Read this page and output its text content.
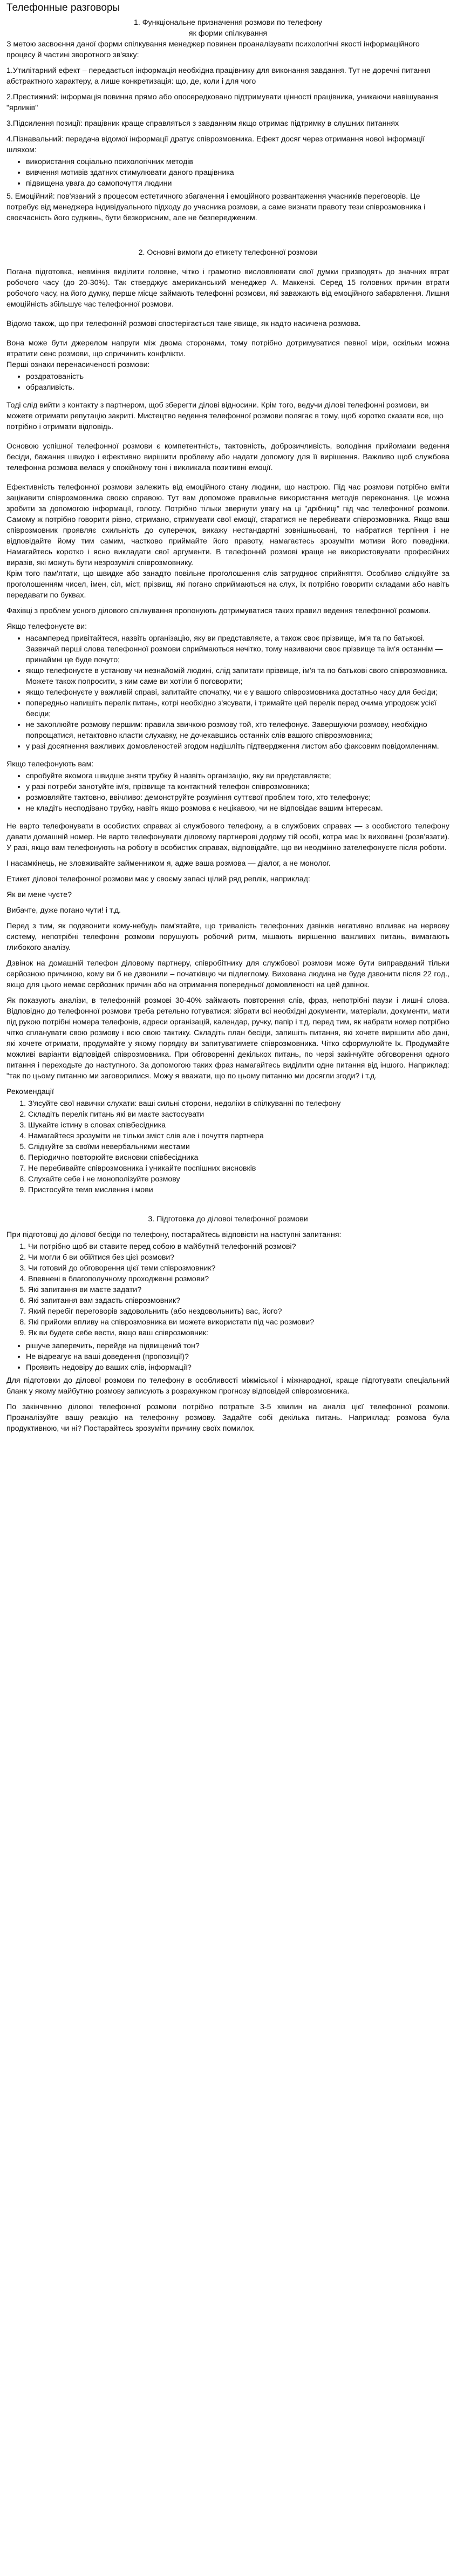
Телефонные разговоры

1. Функціональне призначення розмови по телефону

як форми спілкування

З метою засвоєння даної форми спілкування менеджер повинен проаналізувати психологічні якості інформаційного процесу й частині зворотного зв'язку:

1.Утилітарний ефект – передається інформація необхідна працівнику для виконання завдання. Тут не доречні питання абстрактного характеру, а лише конкретизація: що, де, коли і для чого

2.Престижний: інформація повинна прямо або опосередковано підтримувати цінності працівника, уникаючи навішування "ярликів"

3.Підсилення позиції: працівник краще справляться з завданням якщо отримає підтримку в слушних питаннях

4.Пізнавальний: передача відомої інформації дратує співрозмовника. Ефект досяг через отримання нової інформації шляхом:

• використання соціально психологічних методів
• вивчення мотивів здатних стимулювати даного працівника
• підвищена увага до самопочуття людини

5. Емоційний: пов'язаний з процесом естетичного збагачення і емоційного розвантаження учасників переговорів. Це потребує від менеджера індивідуального підходу до учасника розмови, а саме визнати правоту тези співрозмовника і своєчасність його суджень, бути безкорисним, але не безпередженим.

2. Основні вимоги до етикету телефонної розмови

Погана підготовка, невміння виділити головне, чітко і грамотно висловлювати свої думки призводять до значних втрат робочого часу (до 20-30%). Так стверджує американський менеджер А. Маккензі. Серед 15 головних причин втрати робочого часу, на його думку, перше місце займають телефонні розмови, які заважають від емоційного забарвлення. Лишня емоційність збільшує час телефонної розмови.

Відомо також, що при телефонній розмові спостерігається таке явище, як надто насичена розмова.

Вона може бути джерелом напруги між двома сторонами, тому потрібно дотримуватися певної міри, оскільки можна втратити сенс розмови, що спричинить конфлікти.

Перші ознаки перенасиченості розмови:

• роздратованість
• образливість.

Тоді слід вийти з контакту з партнером, щоб зберегти ділові відносини. Крім того, ведучи ділові телефонні розмови, ви можете отримати репутацію закриті. Мистецтво ведення телефонної розмови полягає в тому, щоб коротко сказати все, що потрібно і отримати відповідь.

Основою успішної телефонної розмови є компетентність, тактовність, доброзичливість, володіння прийомами ведення бесіди, бажання швидко і ефективно вирішити проблему або надати допомогу для її вирішення. Важливо щоб службова телефонна розмова велася у спокійному тоні і викликала позитивні емоції.

Ефективність телефонної розмови залежить від емоційного стану людини, що настрою. Під час розмови потрібно вміти зацікавити співрозмовника своєю справою. Тут вам допоможе правильне використання методів переконання. Це можна зробити за допомогою інформації, голосу. Потрібно тільки звернути увагу на ці "дрібниці" під час телефонної розмови. Самому ж потрібно говорити рівно, стримано, стримувати свої емоції, старатися не перебивати співрозмовника. Якщо ваш співрозмовник проявляє схильність до суперечок, викажу нестандартні зовнішньовані, то набратися терпіння і не відповідайте йому тим самим, частково приймайте його правоту, намагаєтесь зрозуміти мотиви його поведінки. Намагайтесь коротко і ясно викладати свої аргументи. В телефонній розмові краще не використовувати професійних виразів, які можуть бути незрозумілі співрозмовнику.

Крім того пам'ятати, що швидке або занадто повільне проголошення слів затруднює сприйняття. Особливо слідкуйте за проголошенням чисел, імен, сіл, міст, прізвищ, які погано сприймаються на слух, їх потрібно говорити складами або навіть передавати по буквах.

Фахівці з проблем усного ділового спілкування пропонують дотримуватися таких правил ведення телефонної розмови.

Якщо телефонуєте ви:

• насамперед привітайтеся, назвіть організацію, яку ви представляєте, а також своє прізвище, ім'я та по батькові. Зазвичай перші слова телефонної розмови сприймаються нечітко, тому називаючи своє прізвище та ім'я останнім — принаймні це буде почуто;
• якщо телефонуєте в установу чи незнайомій людині, слід запитати прізвище, ім'я та по батькові свого співрозмовника. Можете також попросити, з ким саме ви хотіли б поговорити;
• якщо телефонуєте у важливій справі, запитайте спочатку, чи є у вашого співрозмовника достатньо часу для бесіди;
• попередньо напишіть перелік питань, котрі необхідно з'ясувати, і тримайте цей перелік перед очима упродовж усієї бесіди;
• не захоплюйте розмову першим: правила звичкою розмову той, хто телефонує. Завершуючи розмову, необхідно попрощатися, нетактовно класти слухавку, не дочекавшись останніх слів вашого співрозмовника;
• у разі досягнення важливих домовленостей згодом надішліть підтвердження листом або факсовим повідомленням.

Якщо телефонують вам:

• спробуйте якомога швидше зняти трубку й назвіть організацію, яку ви представляєте;
• у разі потреби занотуйте ім'я, прізвище та контактний телефон співрозмовника;
• розмовляйте тактовно, ввічливо: демонструйте розуміння суттєвої проблем того, хто телефонує;
• не кладіть несподівано трубку, навіть якщо розмова є нецікавою, чи не відповідає вашим інтересам.

Не варто телефонувати в особистих справах зі службового телефону, а в службових справах — з особистого телефону давати домашній номер. Не варто телефонувати діловому партнерові додому тій особі, котра має їх вихованні (розв'язати). У разі, якщо вам телефонують на роботу в особистих справах, відповідайте, що ви неодмінно зателефонуєте після роботи.

І насамкінець, не зловживайте займенником я, адже ваша розмова — діалог, а не монолог.

Етикет діловоі телефонної розмови має у своєму запасі цілий ряд реплік, наприклад:

Як ви мене чуєте?

Вибачте, дуже погано чути! і т.д.

Перед з тим, як подзвонити кому-небудь пам'ятайте, що тривалість телефонних дзвінків негативно впливає на нервову систему, непотрібні телефонні розмови порушують робочий ритм, мішають вирішенню важливих питань, вимагають глибокого аналізу.

Дзвінок на домашній телефон діловому партнеру, співробітнику для службової розмови може бути виправданий тільки серйозною причиною, кому ви б не дзвонили – початківцю чи підлеглому. Вихована людина не буде дзвонити після 22 год., якщо для цього немає серйозних причин або на отримання попередньої домовленості на цей дзвінок.

Як показують аналізи, в телефонній розмові 30-40% займають повторення слів, фраз, непотрібні паузи і лишні слова. Відповідно до телефонної розмови треба ретельно готуватися: зібрати всі необхідні документи, матеріали, документи, мати під рукою потрібні номера телефонів, адреси організацій, календар, ручку, папір і т.д. перед тим, як набрати номер потрібно чітко спланувати свою розмову і всю свою тактику. Складіть план бесіди, запишіть питання, які хочете вирішити або дані, які хочете отримати, продумайте у якому порядку ви запитуватимете співрозмовника. Чітко сформулюйте їх. Продумайте можливі варіанти відповідей співрозмовника. При обговоренні декількох питань, по черзі закінчуйте обговорення одного питання і переходьте до наступного. За допомогою таких фраз намагайтесь виділити одне питання від іншого. Наприклад: "так по цьому питанню ми заговорилися. Можу я вважати, що по цьому питанню ми досягли згоди? і т.д.

Рекомендації

1. З'ясуйте свої навички слухати: ваші сильні сторони, недоліки в спілкуванні по телефону
2. Складіть перелік питань які ви маєте застосувати
3. Шукайте істину в словах співбесідника
4. Намагайтеся зрозуміти не тільки зміст слів але і почуття партнера
5. Слідкуйте за своїми невербальними жестами
6. Періодично повторюйте висновки співбесідника
7. Не перебивайте співрозмовника і уникайте поспішних висновків
8. Слухайте себе і не монополізуйте розмову
9. Пристосуйте темп мислення і мови

3. Підготовка до діловоі телефонної розмови

При підготовці до ділової бесіди по телефону, постарайтесь відповісти на наступні запитання:

1. Чи потрібно щоб ви ставите перед собою в майбутній телефонній розмові?
2. Чи могли б ви обійтися без цієї розмови?
3. Чи готовий до обговорення цієї теми співрозмовник?
4. Впевнені в благополучному проходженні розмови?
5. Які запитання ви маєте задати?
6. Які запитання вам задасть співрозмовник?
7. Який перебіг переговорів задовольнить (або нездовольнить) вас, його?
8. Які прийоми впливу на співрозмовника ви можете використати під час розмови?
9. Як ви будете себе вести, якщо ваш співрозмовник:
• рішуче заперечить, перейде на підвищений тон?
• Не відреагує на ваші доведення (пропозиції)?
• Проявить недовіру до ваших слів, інформації?

Для підготовки до ділової розмови по телефону в особливості міжміської і міжнародної, краще підготувати спеціальний бланк у якому майбутню розмову записують з розрахунком прогнозу відповідей співрозмовника.

По закінченню діловоі телефонної розмови потрібно потратьте 3-5 хвилин на аналіз цієї телефонної розмови. Проаналізуйте вашу реакцію на телефонну розмову. Задайте собі декілька питань. Наприклад: розмова була продуктивною, чи ні? Постарайтесь зрозуміти причину своїх помилок.
